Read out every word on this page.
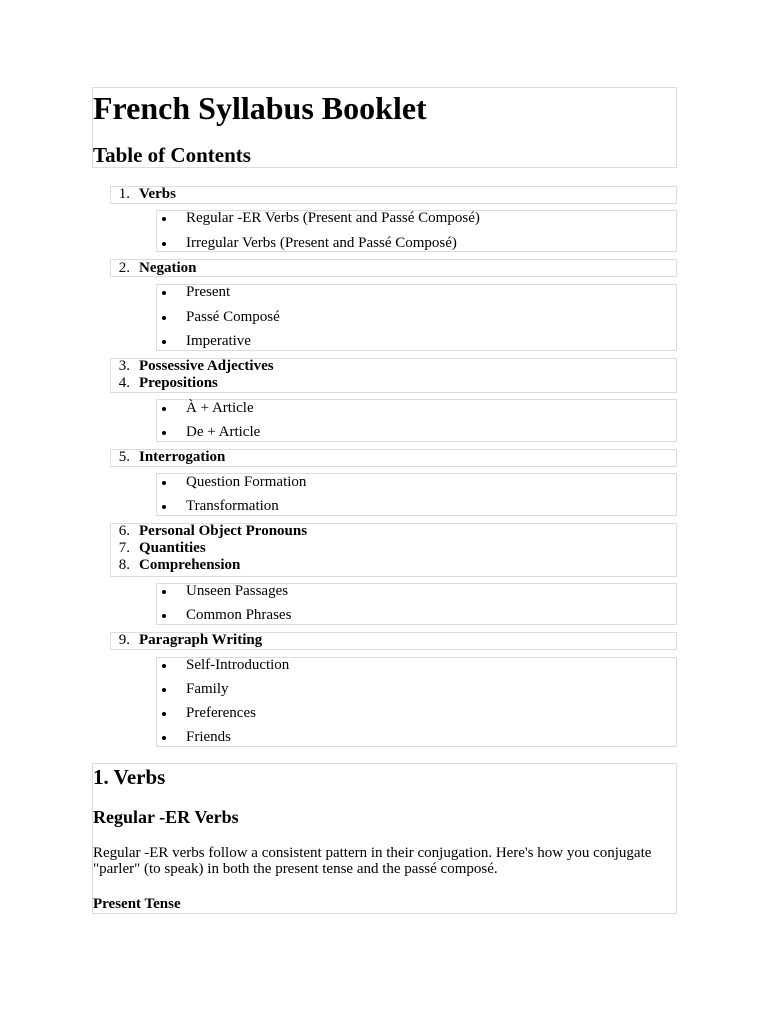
French Syllabus Booklet
Table of Contents
1. Verbs
2. Negation
3. Possessive Adjectives
4. Prepositions
5. Interrogation
6. Personal Object Pronouns
7. Quantities
8. Comprehension
9. Paragraph Writing
Regular -ER Verbs (Present and Passé Composé)
Irregular Verbs (Present and Passé Composé)
Present
Passé Composé
Imperative
À + Article
De + Article
Question Formation
Transformation
Unseen Passages
Common Phrases
Self-Introduction
Family
Preferences
Friends
1. Verbs
Regular -ER Verbs
Regular -ER verbs follow a consistent pattern in their conjugation. Here's how you conjugate "parler" (to speak) in both the present tense and the passé composé.
Present Tense
